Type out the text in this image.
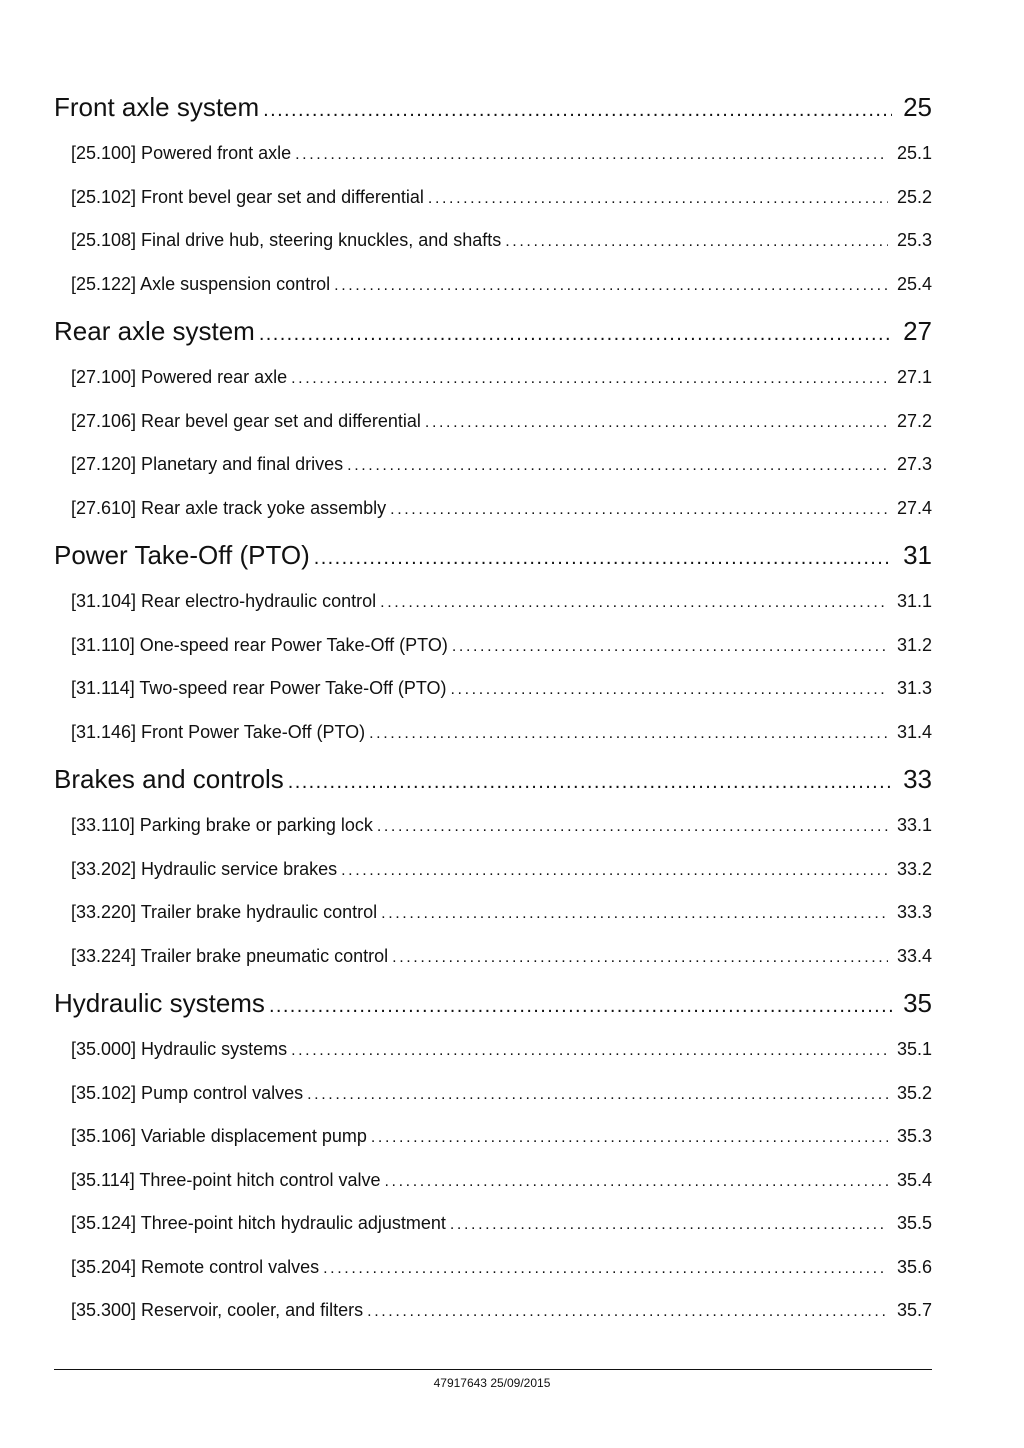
Front axle system .....	25
[25.100] Powered front axle .....	25.1
[25.102] Front bevel gear set and differential .....	25.2
[25.108] Final drive hub, steering knuckles, and shafts .....	25.3
[25.122] Axle suspension control .....	25.4
Rear axle system .....	27
[27.100] Powered rear axle .....	27.1
[27.106] Rear bevel gear set and differential .....	27.2
[27.120] Planetary and final drives .....	27.3
[27.610] Rear axle track yoke assembly .....	27.4
Power Take-Off (PTO) .....	31
[31.104] Rear electro-hydraulic control .....	31.1
[31.110] One-speed rear Power Take-Off (PTO) .....	31.2
[31.114] Two-speed rear Power Take-Off (PTO) .....	31.3
[31.146] Front Power Take-Off (PTO) .....	31.4
Brakes and controls .....	33
[33.110] Parking brake or parking lock .....	33.1
[33.202] Hydraulic service brakes .....	33.2
[33.220] Trailer brake hydraulic control .....	33.3
[33.224] Trailer brake pneumatic control .....	33.4
Hydraulic systems .....	35
[35.000] Hydraulic systems .....	35.1
[35.102] Pump control valves .....	35.2
[35.106] Variable displacement pump .....	35.3
[35.114] Three-point hitch control valve .....	35.4
[35.124] Three-point hitch hydraulic adjustment .....	35.5
[35.204] Remote control valves .....	35.6
[35.300] Reservoir, cooler, and filters .....	35.7
47917643 25/09/2015
